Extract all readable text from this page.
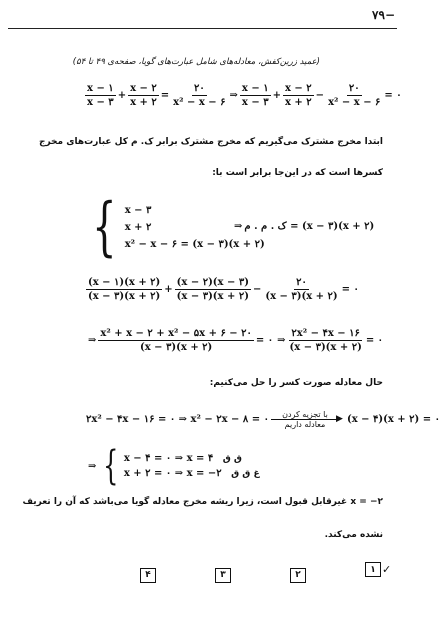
۷۹−
(عمید زرین‌کفش، معادله‌های شامل عبارت‌های گویا، صفحه‌ی ۴۹ تا ۵۴)
$\frac{x - ۱}{x - ۳} + \frac{x - ۲}{x + ۲} = \frac{۲۰}{\text{x² − x − ۶}}$ ⇒ $\frac{x - ۱}{x - ۳} + \frac{x - ۲}{x + ۲} - \frac{۲۰}{\text{x² − x − ۶}}$ = ۰
ابتدا مخرج مشترک می‌گیریم که مخرج مشترک برابر ک. م کل عبارت‌های مخرج
کسرها است که در این‌جا برابر است با:
{ x − ۳
x + ۲
x² − x − ۶ = (x − ۳)(x + ۲)
⇒ ک . م . م = (x − ۳)(x + ۲)
$\frac{(x - ۱)(x + ۲)}{(x - ۳)(x + ۲)} + \frac{(x - ۲)(x - ۳)}{(x - ۳)(x + ۲)} - \frac{۲۰}{(x - ۳)(x + ۲)}$ = ۰
⇒ $\frac{\text{x² + x − ۲ + x² − ۵x + ۶ − ۲۰}}{(x - ۳)(x + ۲)}$ = ۰ ⇒ $\frac{\text{۲x² − ۴x − ۱۶}}{(x - ۳)(x + ۲)}$ = ۰
حال معادله صورت کسر را حل می‌کنیم:
۲x² − ۴x − ۱۶ = ۰ ⇒ x² − ۲x − ۸ = ۰ با تجزیه کردن ▶
معادله داریم (x − ۴)(x + ۲) = ۰
⇒ { x − ۴ = ۰ ⇒ x = ۴ ق ق
x + ۲ = ۰ ⇒ x = −۲ غ ق ق
۲− = x غیرقابل قبول است، زیرا ریشه مخرج معادله گویا می‌باشد که آن را تعریف
نشده می‌کند.
۴	۳	۲
۱ ✓
